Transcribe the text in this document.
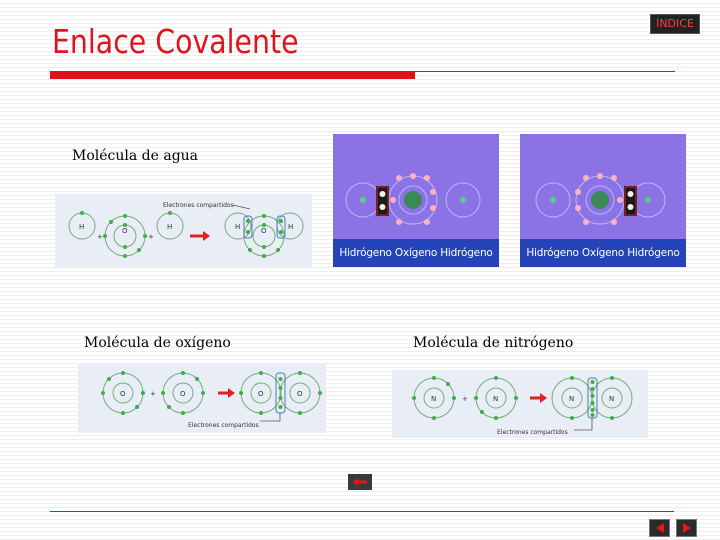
Enlace Covalente	ÍNDICE
Molécula de agua
Electrones compartidos
H	O	H
+	+
H	O	H
Hidrógeno Oxígeno Hidrógeno	Hidrógeno Oxígeno Hidrógeno
Molécula de oxígeno	Molécula de nitrógeno
O	O
+	O	O
Electrones compartidos
N	N
+	N	N
Electrones compartidos
